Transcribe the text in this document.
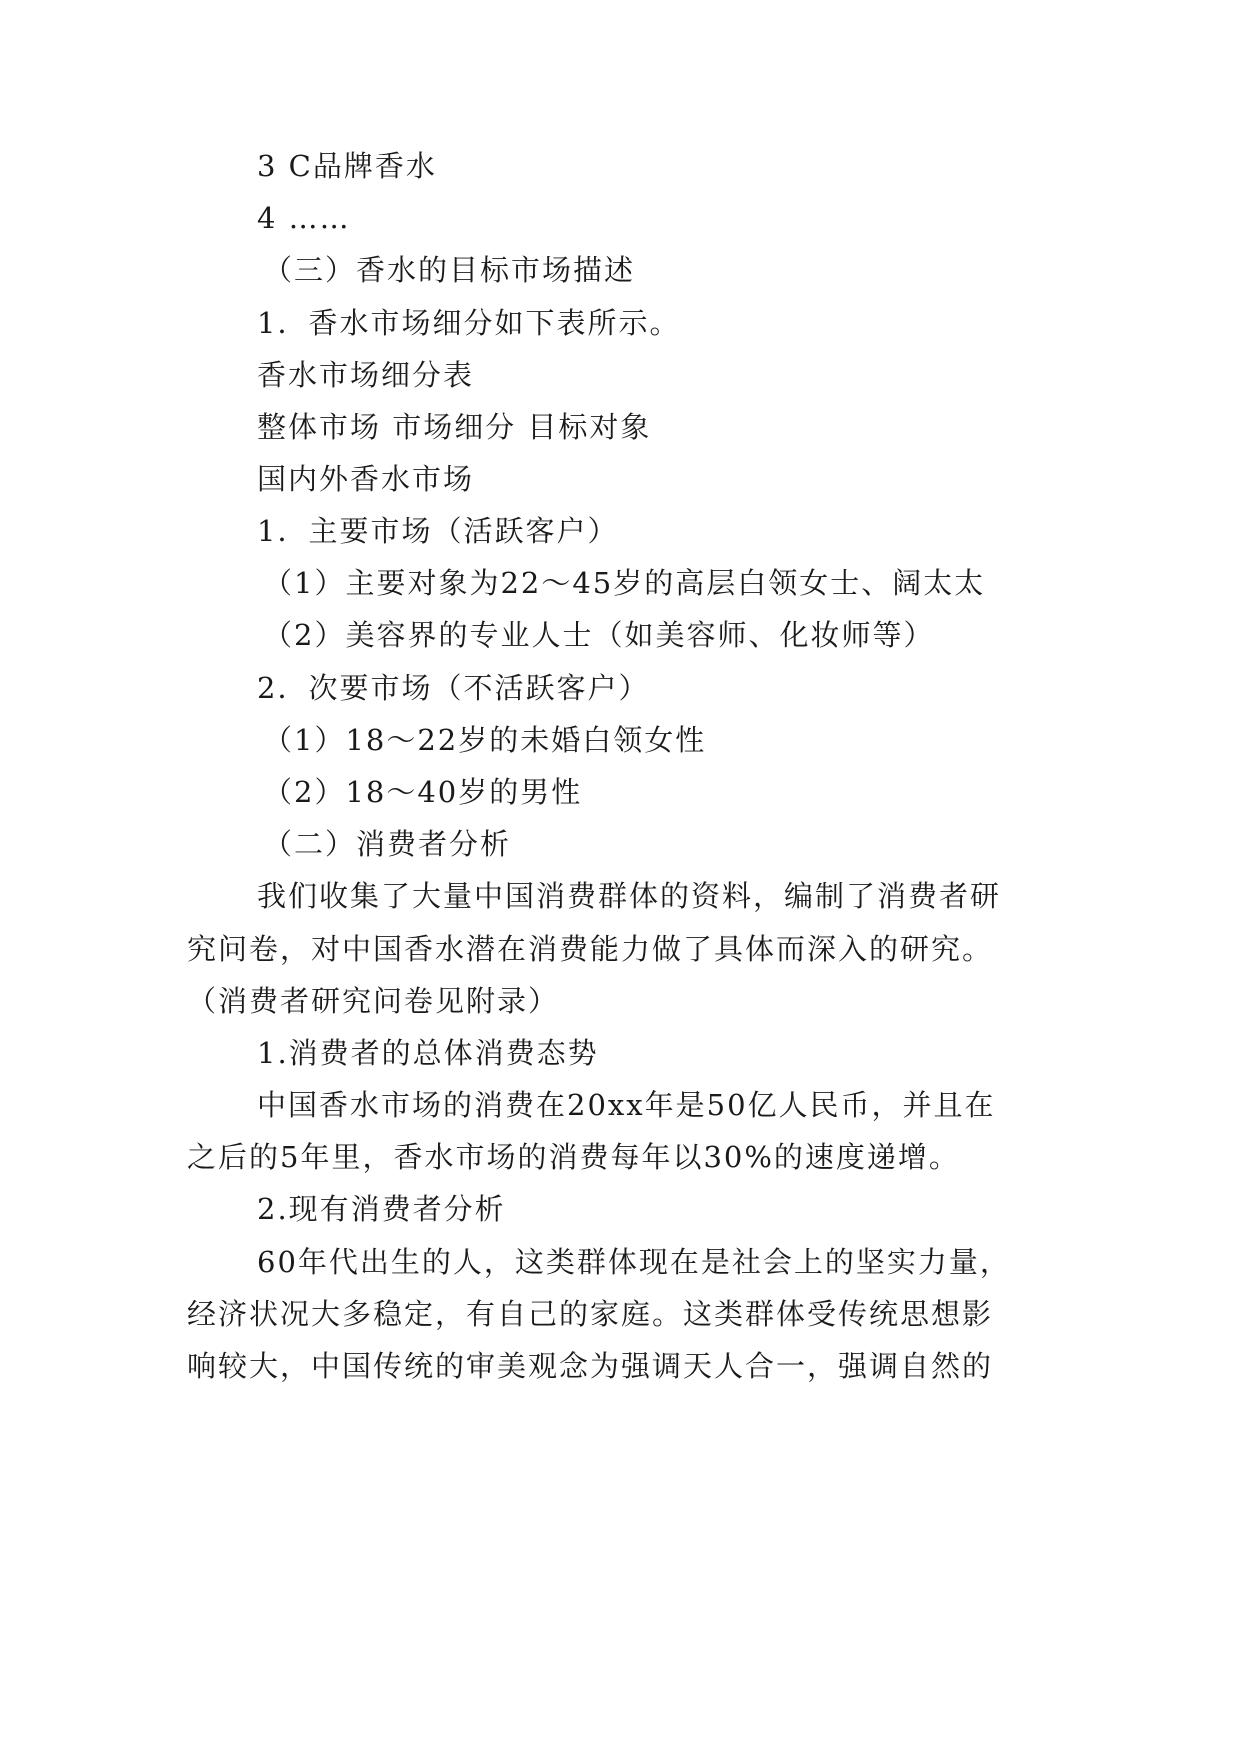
3 C品牌香水
4 ……
（三）香水的目标市场描述
1．香水市场细分如下表所示。
香水市场细分表
整体市场 市场细分 目标对象
国内外香水市场
1．主要市场（活跃客户）
（1）主要对象为22～45岁的高层白领女士、阔太太
（2）美容界的专业人士（如美容师、化妆师等）
2．次要市场（不活跃客户）
（1）18～22岁的未婚白领女性
（2）18～40岁的男性
（二）消费者分析
我们收集了大量中国消费群体的资料，编制了消费者研
究问卷，对中国香水潜在消费能力做了具体而深入的研究。
（消费者研究问卷见附录）
1.消费者的总体消费态势
中国香水市场的消费在20xx年是50亿人民币，并且在
之后的5年里，香水市场的消费每年以30%的速度递增。
2.现有消费者分析
60年代出生的人，这类群体现在是社会上的坚实力量，
经济状况大多稳定，有自己的家庭。这类群体受传统思想影
响较大，中国传统的审美观念为强调天人合一，强调自然的
